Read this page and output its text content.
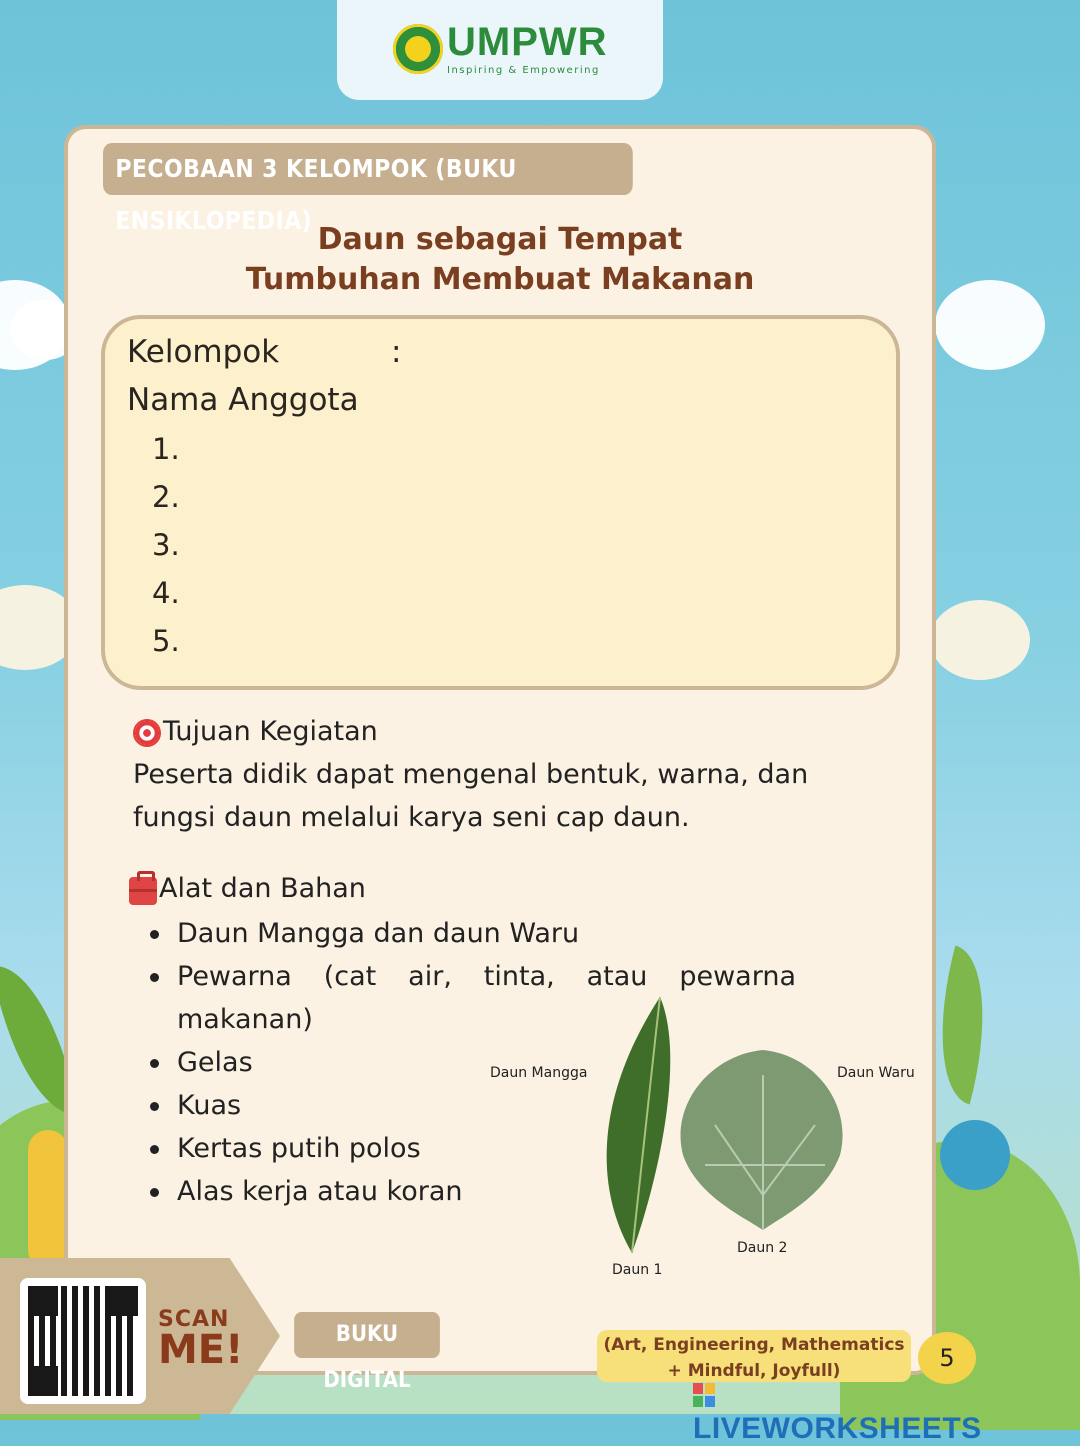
UMPWR
Inspiring & Empowering
PECOBAAN 3 KELOMPOK (BUKU ENSIKLOPEDIA)
Daun sebagai Tempat
Tumbuhan Membuat Makanan
Kelompok	:
Nama Anggota
1.
2.
3.
4.
5.
Tujuan Kegiatan
Peserta didik dapat mengenal bentuk, warna, dan
fungsi daun melalui karya seni cap daun.
Alat dan Bahan
Daun Mangga dan daun Waru
Pewarna (cat air, tinta, atau pewarna makanan)
Gelas
Kuas
Kertas putih polos
Alas kerja atau koran
Daun Mangga	Daun Waru
Daun 1
Daun 2
SCAN
ME!	BUKU DIGITAL
(Art, Engineering, Mathematics
+ Mindful, Joyfull)	5
LIVEWORKSHEETS
